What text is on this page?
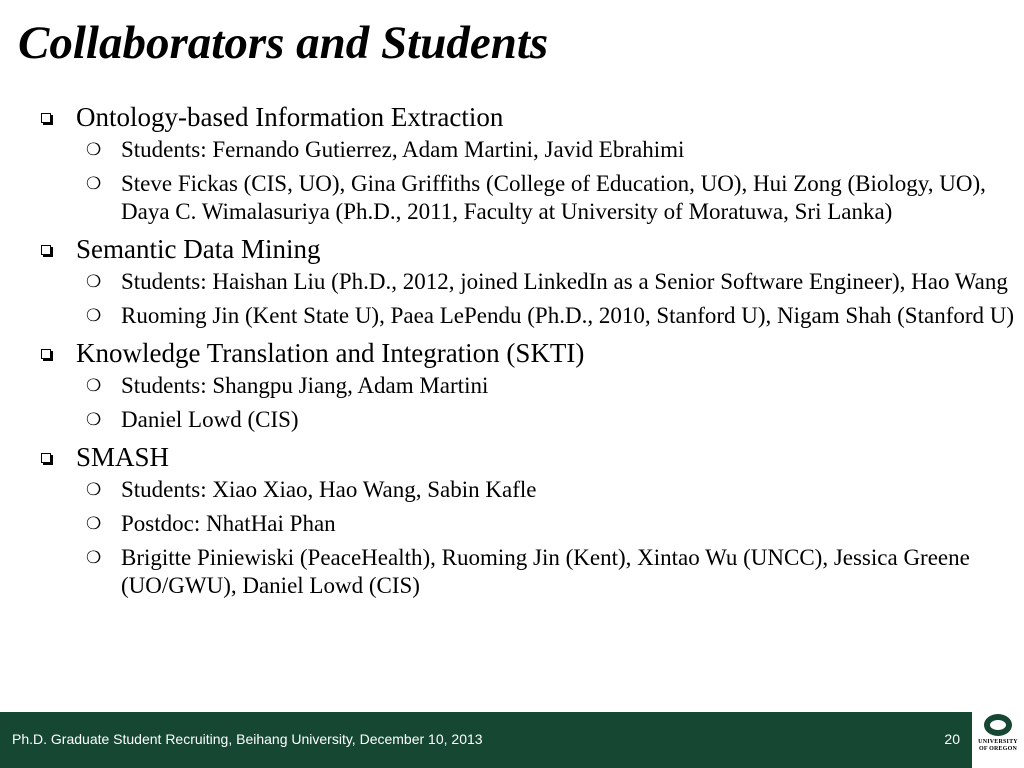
Collaborators and Students
Ontology-based Information Extraction
❍ Students: Fernando Gutierrez, Adam Martini, Javid Ebrahimi
❍ Steve Fickas (CIS, UO), Gina Griffiths (College of Education, UO), Hui Zong (Biology, UO), Daya C. Wimalasuriya (Ph.D., 2011, Faculty at University of Moratuwa, Sri Lanka)
Semantic Data Mining
❍ Students: Haishan Liu (Ph.D., 2012, joined LinkedIn as a Senior Software Engineer), Hao Wang
❍ Ruoming Jin (Kent State U), Paea LePendu (Ph.D., 2010, Stanford U), Nigam Shah (Stanford U)
Knowledge Translation and Integration (SKTI)
❍ Students: Shangpu Jiang, Adam Martini
❍ Daniel Lowd (CIS)
SMASH
❍ Students: Xiao Xiao, Hao Wang, Sabin Kafle
❍ Postdoc: NhatHai Phan
❍ Brigitte Piniewiski (PeaceHealth), Ruoming Jin (Kent), Xintao Wu (UNCC), Jessica Greene (UO/GWU), Daniel Lowd (CIS)
Ph.D. Graduate Student Recruiting, Beihang University, December 10, 2013	20	UNIVERSITY
OF OREGON
